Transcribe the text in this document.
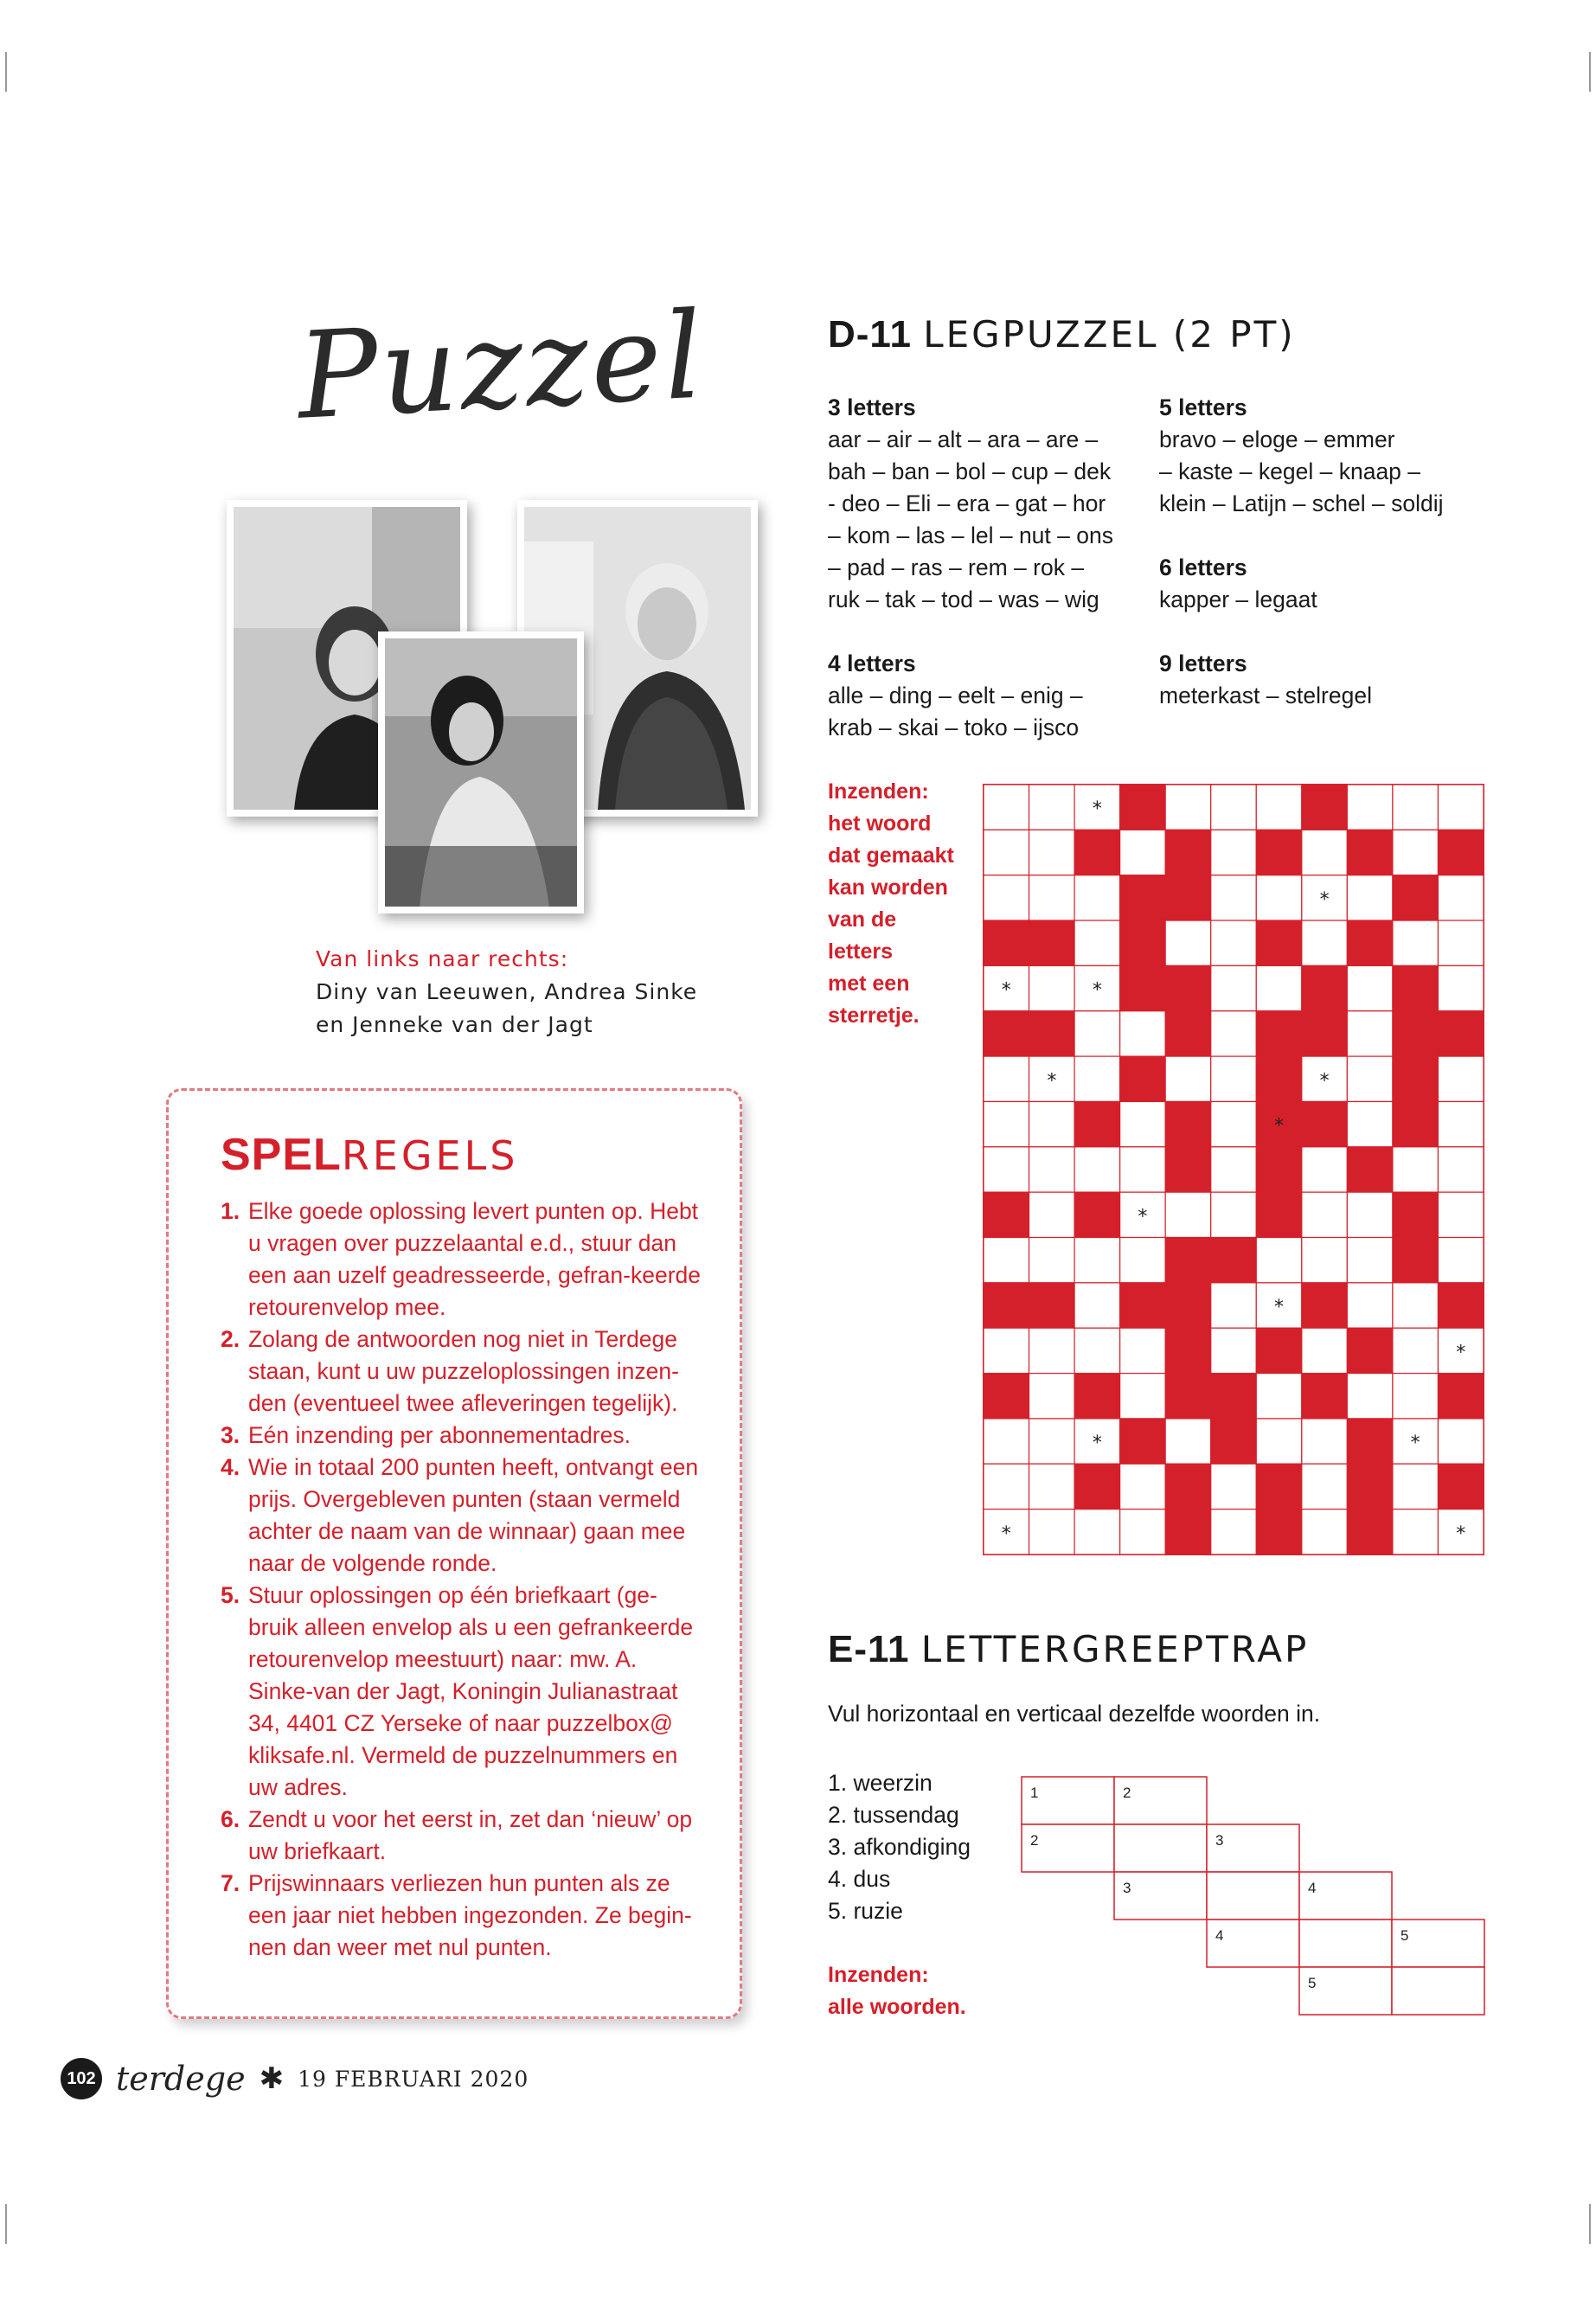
Puzzel
Van links naar rechts:
Diny van Leeuwen, Andrea Sinke en Jenneke van der Jagt
SPELREGELS

1. Elke goede oplossing levert punten op. Hebt u vragen over puzzelaantal e.d., stuur dan een aan uzelf geadresseerde, gefran-keerde retourenvelop mee.

2. Zolang de antwoorden nog niet in Terdege staan, kunt u uw puzzeloplossingen inzen-den (eventueel twee afleveringen tegelijk).

3. Eén inzending per abonnementadres.

4. Wie in totaal 200 punten heeft, ontvangt een prijs. Overgebleven punten (staan vermeld achter de naam van de winnaar) gaan mee naar de volgende ronde.

5. Stuur oplossingen op één briefkaart (ge-bruik alleen envelop als u een gefrankeerde retourenvelop meestuurt) naar: mw. A. Sinke-van der Jagt, Koningin Julianastraat 34, 4401 CZ Yerseke of naar puzzelbox@ kliksafe.nl. Vermeld de puzzelnummers en uw adres.

6. Zendt u voor het eerst in, zet dan ‘nieuw’ op uw briefkaart.

7. Prijswinnaars verliezen hun punten als ze een jaar niet hebben ingezonden. Ze begin-nen dan weer met nul punten.

D-11 LEGPUZZEL (2 PT)
3 letters

aar – air – alt – ara – are –

bah – ban – bol – cup – dek

- deo – Eli – era – gat – hor

– kom – las – lel – nut – ons

– pad – ras – rem – rok –

ruk – tak – tod – was – wig

4 letters

alle – ding – eelt – enig –

krab – skai – toko – ijsco

5 letters

bravo – eloge – emmer

– kaste – kegel – knaap –

klein – Latijn – schel – soldij

6 letters

kapper – legaat

9 letters

meterkast – stelregel

Inzenden:
het woord
dat gemaakt
kan worden
van de
letters
met een
sterretje.
*
*
*	*
*	*
*
*
*
*
*	*
*	*
E-11 LETTERGREEPTRAP
Vul horizontaal en verticaal dezelfde woorden in.
1. weerzin
2. tussendag
3. afkondiging
4. dus
5. ruzie
Inzenden:
alle woorden.
1	2
2	3
3	4
4	5
5
102 terdege ✱ 19 FEBRUARI 2020
